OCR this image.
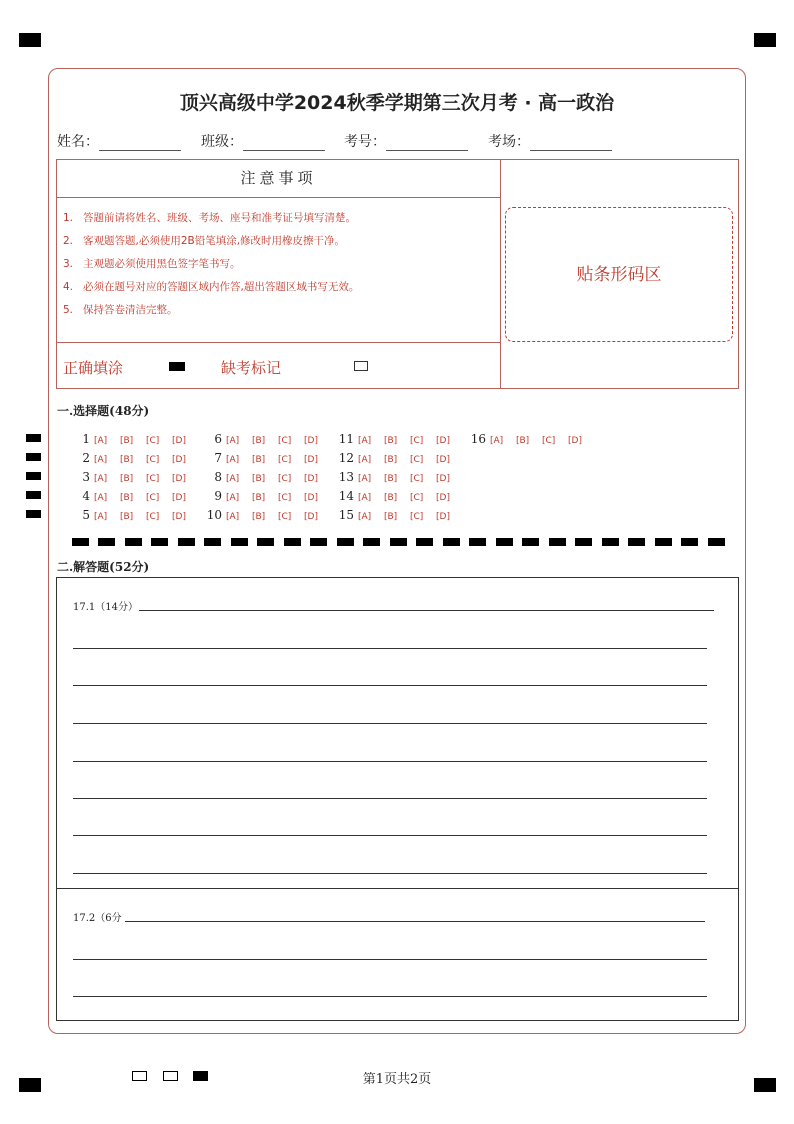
顶兴高级中学2024秋季学期第三次月考 · 高一政治
姓名：	班级：	考号：	考场：
注意事项
1. 答题前请将姓名、班级、考场、座号和准考证号填写清楚。
2. 客观题答题,必须使用2B铅笔填涂,修改时用橡皮擦干净。
3. 主观题必须使用黑色签字笔书写。
4. 必须在题号对应的答题区域内作答,超出答题区域书写无效。
5. 保持答卷清洁完整。
正确填涂	缺考标记
贴条形码区
一.选择题(48分)
1 [A] [B] [C] [D]
2 [A] [B] [C] [D]
3 [A] [B] [C] [D]
4 [A] [B] [C] [D]
5 [A] [B] [C] [D]
6 [A] [B] [C] [D]
7 [A] [B] [C] [D]
8 [A] [B] [C] [D]
9 [A] [B] [C] [D]
10 [A] [B] [C] [D]
11 [A] [B] [C] [D]
12 [A] [B] [C] [D]
13 [A] [B] [C] [D]
14 [A] [B] [C] [D]
15 [A] [B] [C] [D]
16 [A] [B] [C] [D]
二.解答题(52分)
17.1（14分）
17.2（6分
第1页共2页
